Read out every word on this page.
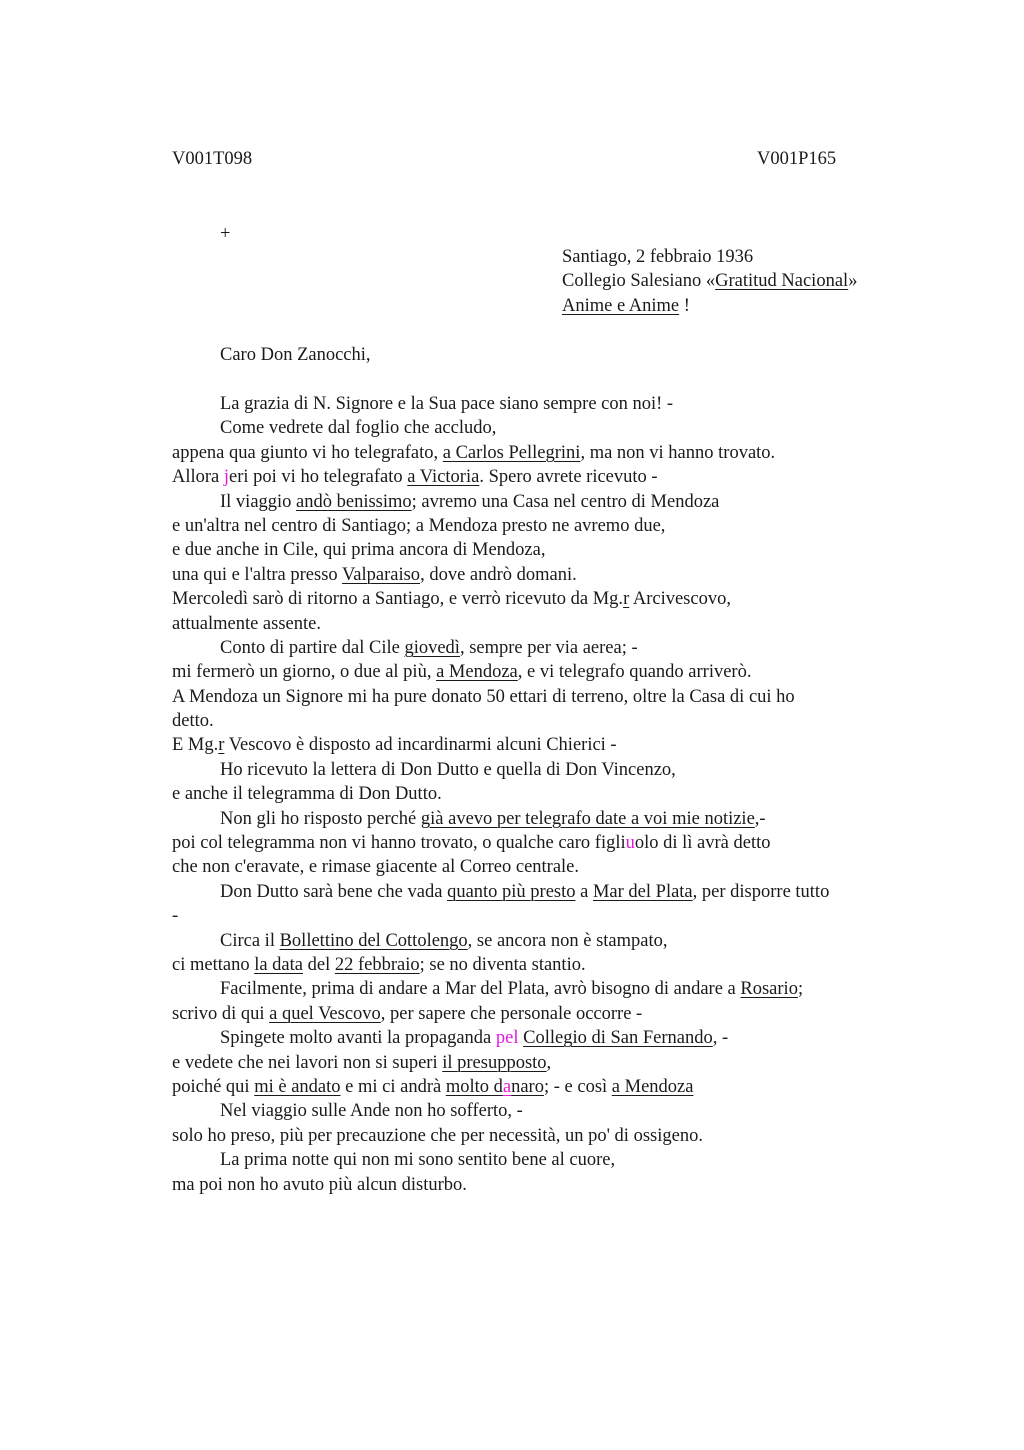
V001T098	V001P165
+
Santiago, 2 febbraio 1936
Collegio Salesiano «Gratitud Nacional»
Anime e Anime !
Caro Don Zanocchi,
La grazia di N. Signore e la Sua pace siano sempre con noi! -
Come vedrete dal foglio che accludo,
appena qua giunto vi ho telegrafato, a Carlos Pellegrini, ma non vi hanno trovato.
Allora jeri poi vi ho telegrafato a Victoria. Spero avrete ricevuto -
Il viaggio andò benissimo; avremo una Casa nel centro di Mendoza
e un'altra nel centro di Santiago; a Mendoza presto ne avremo due,
e due anche in Cile, qui prima ancora di Mendoza,
una qui e l'altra presso Valparaiso, dove andrò domani.
Mercoledì sarò di ritorno a Santiago, e verrò ricevuto da Mg.r Arcivescovo,
attualmente assente.
Conto di partire dal Cile giovedì, sempre per via aerea; -
mi fermerò un giorno, o due al più, a Mendoza, e vi telegrafo quando arriverò.
A Mendoza un Signore mi ha pure donato 50 ettari di terreno, oltre la Casa di cui ho
detto.
E Mg.r Vescovo è disposto ad incardinarmi alcuni Chierici -
Ho ricevuto la lettera di Don Dutto e quella di Don Vincenzo,
e anche il telegramma di Don Dutto.
Non gli ho risposto perché già avevo per telegrafo date a voi mie notizie,-
poi col telegramma non vi hanno trovato, o qualche caro figliuolo di lì avrà detto
che non c'eravate, e rimase giacente al Correo centrale.
Don Dutto sarà bene che vada quanto più presto a Mar del Plata, per disporre tutto
-
Circa il Bollettino del Cottolengo, se ancora non è stampato,
ci mettano la data del 22 febbraio; se no diventa stantio.
Facilmente, prima di andare a Mar del Plata, avrò bisogno di andare a Rosario;
scrivo di qui a quel Vescovo, per sapere che personale occorre -
Spingete molto avanti la propaganda pel Collegio di San Fernando, -
e vedete che nei lavori non si superi il presupposto,
poiché qui mi è andato e mi ci andrà molto danaro; - e così a Mendoza
Nel viaggio sulle Ande non ho sofferto, -
solo ho preso, più per precauzione che per necessità, un po' di ossigeno.
La prima notte qui non mi sono sentito bene al cuore,
ma poi non ho avuto più alcun disturbo.
